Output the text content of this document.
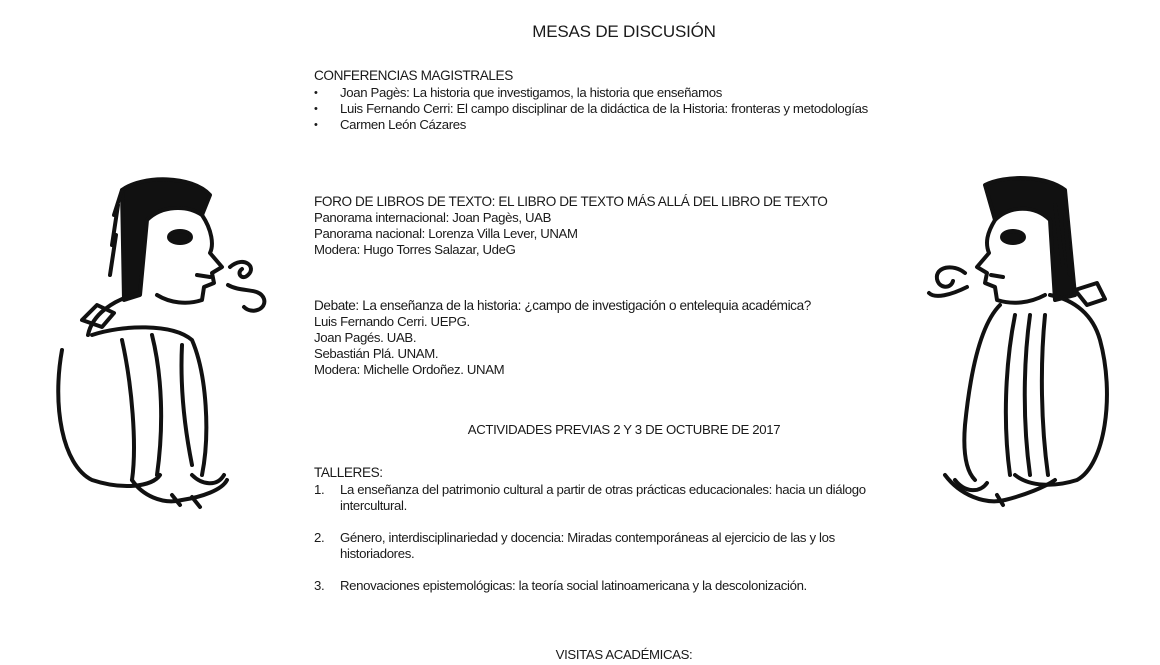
MESAS DE DISCUSIÓN
CONFERENCIAS MAGISTRALES
• Joan Pagès: La historia que investigamos, la historia que enseñamos
• Luis Fernando Cerri: El campo disciplinar de la didáctica de la Historia: fronteras y metodologías
• Carmen León Cázares
FORO DE LIBROS DE TEXTO: EL LIBRO DE TEXTO MÁS ALLÁ DEL LIBRO DE TEXTO
Panorama internacional: Joan Pagès, UAB
Panorama nacional: Lorenza Villa Lever, UNAM
Modera: Hugo Torres Salazar, UdeG
Debate: La enseñanza de la historia: ¿campo de investigación o entelequia académica?
Luis Fernando Cerri. UEPG.
Joan Pagés. UAB.
Sebastián Plá. UNAM.
Modera: Michelle Ordoñez. UNAM
ACTIVIDADES PREVIAS 2 Y 3 DE OCTUBRE DE 2017
TALLERES:
1. La enseñanza del patrimonio cultural a partir de otras prácticas educacionales: hacia un diálogo intercultural.
2. Género, interdisciplinariedad y docencia: Miradas contemporáneas al ejercicio de las y los historiadores.
3. Renovaciones epistemológicas: la teoría social latinoamericana y la descolonización.
VISITAS ACADÉMICAS:
